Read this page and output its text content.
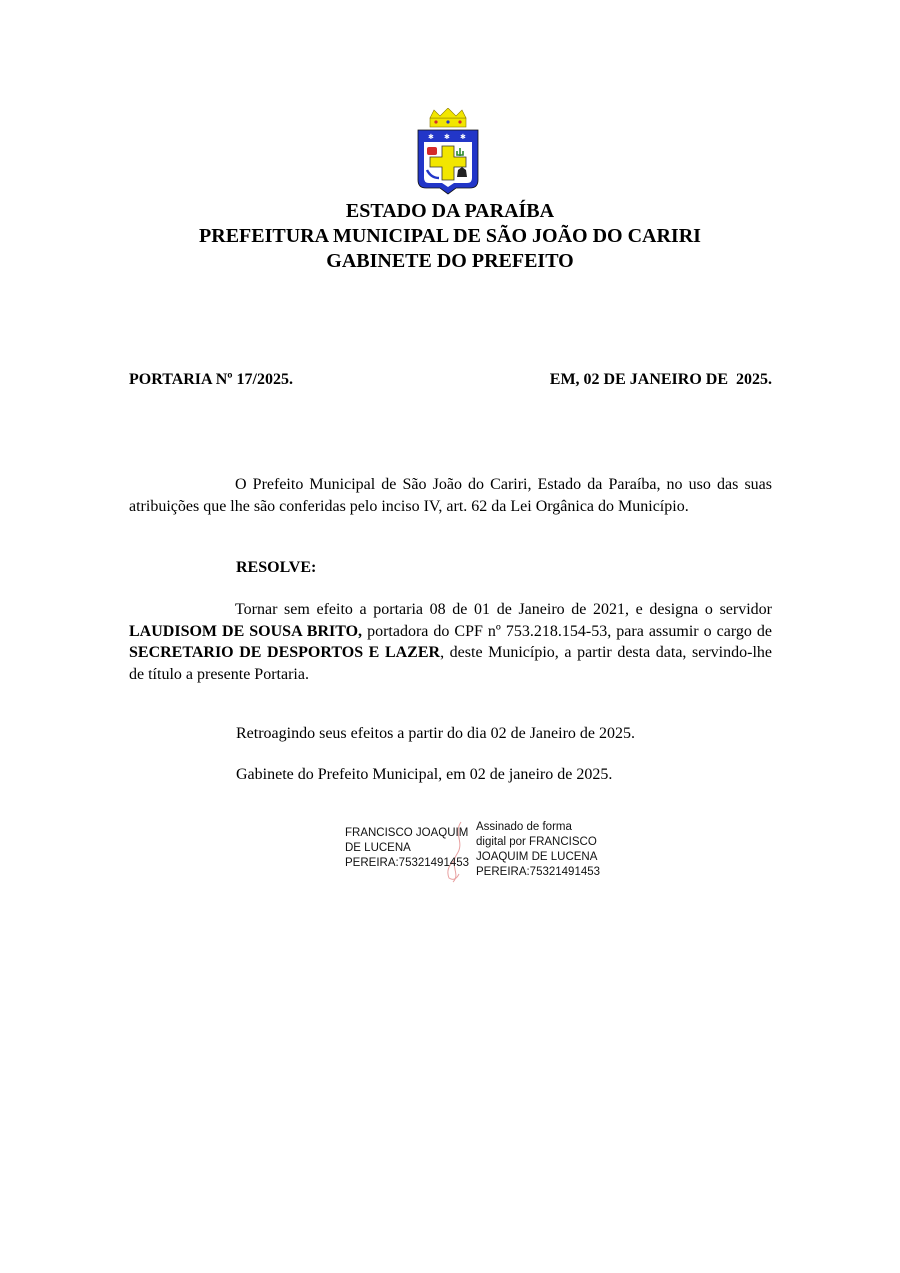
✱ ✱ ✱
ESTADO DA PARAÍBA
PREFEITURA MUNICIPAL DE SÃO JOÃO DO CARIRI
GABINETE DO PREFEITO
PORTARIA Nº 17/2025.	EM, 02 DE JANEIRO DE  2025.
O Prefeito Municipal de São João do Cariri, Estado da Paraíba, no uso das suas atribuições que lhe são conferidas pelo inciso IV, art. 62 da Lei Orgânica do Município.
RESOLVE:
Tornar sem efeito a portaria 08 de 01 de Janeiro de 2021, e designa o servidor LAUDISOM DE SOUSA BRITO, portadora do CPF nº 753.218.154-53, para assumir o cargo de SECRETARIO DE DESPORTOS E LAZER, deste Município, a partir desta data, servindo-lhe de título a presente Portaria.
Retroagindo seus efeitos a partir do dia 02 de Janeiro de 2025.
Gabinete do Prefeito Municipal, em 02 de janeiro de 2025.
FRANCISCO JOAQUIM
DE LUCENA
PEREIRA:75321491453
Assinado de forma
digital por FRANCISCO
JOAQUIM DE LUCENA
PEREIRA:75321491453
